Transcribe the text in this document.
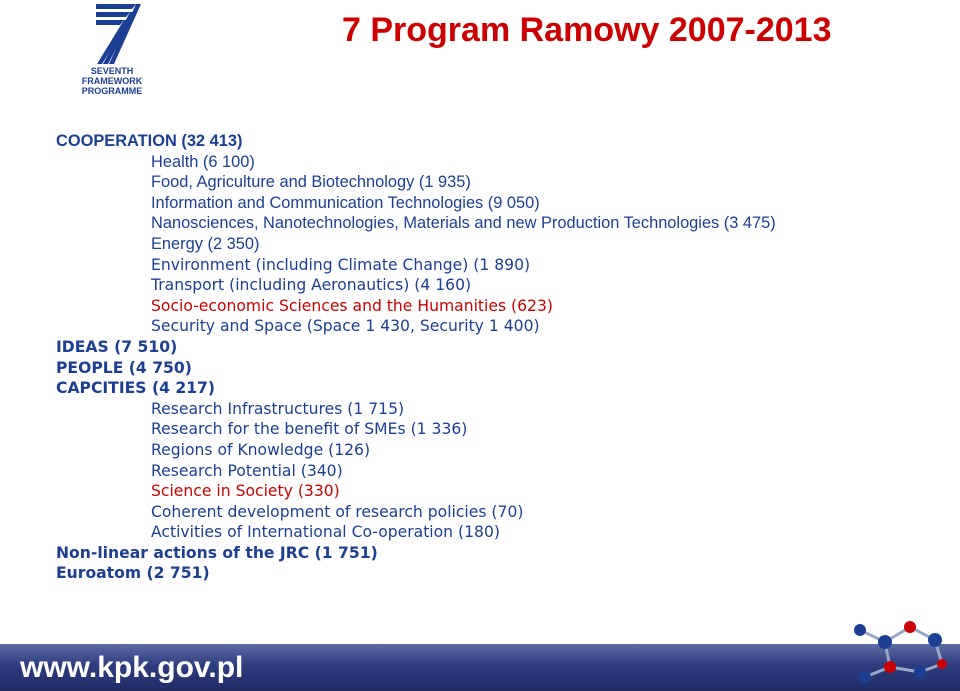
SEVENTH FRAMEWORK
PROGRAMME
7 Program Ramowy 2007-2013
COOPERATION (32 413)
Health (6 100)
Food, Agriculture and Biotechnology (1 935)
Information and Communication Technologies (9 050)
Nanosciences, Nanotechnologies, Materials and new Production Technologies (3 475)
Energy (2 350)
Environment (including Climate Change) (1 890)
Transport (including Aeronautics) (4 160)
Socio-economic Sciences and the Humanities (623)
Security and Space (Space 1 430, Security 1 400)
IDEAS (7 510)
PEOPLE (4 750)
CAPCITIES (4 217)
Research Infrastructures (1 715)
Research for the benefit of SMEs (1 336)
Regions of Knowledge (126)
Research Potential (340)
Science in Society (330)
Coherent development of research policies (70)
Activities of International Co-operation (180)
Non-linear actions of the JRC (1 751)
Euroatom (2 751)
www.kpk.gov.pl
